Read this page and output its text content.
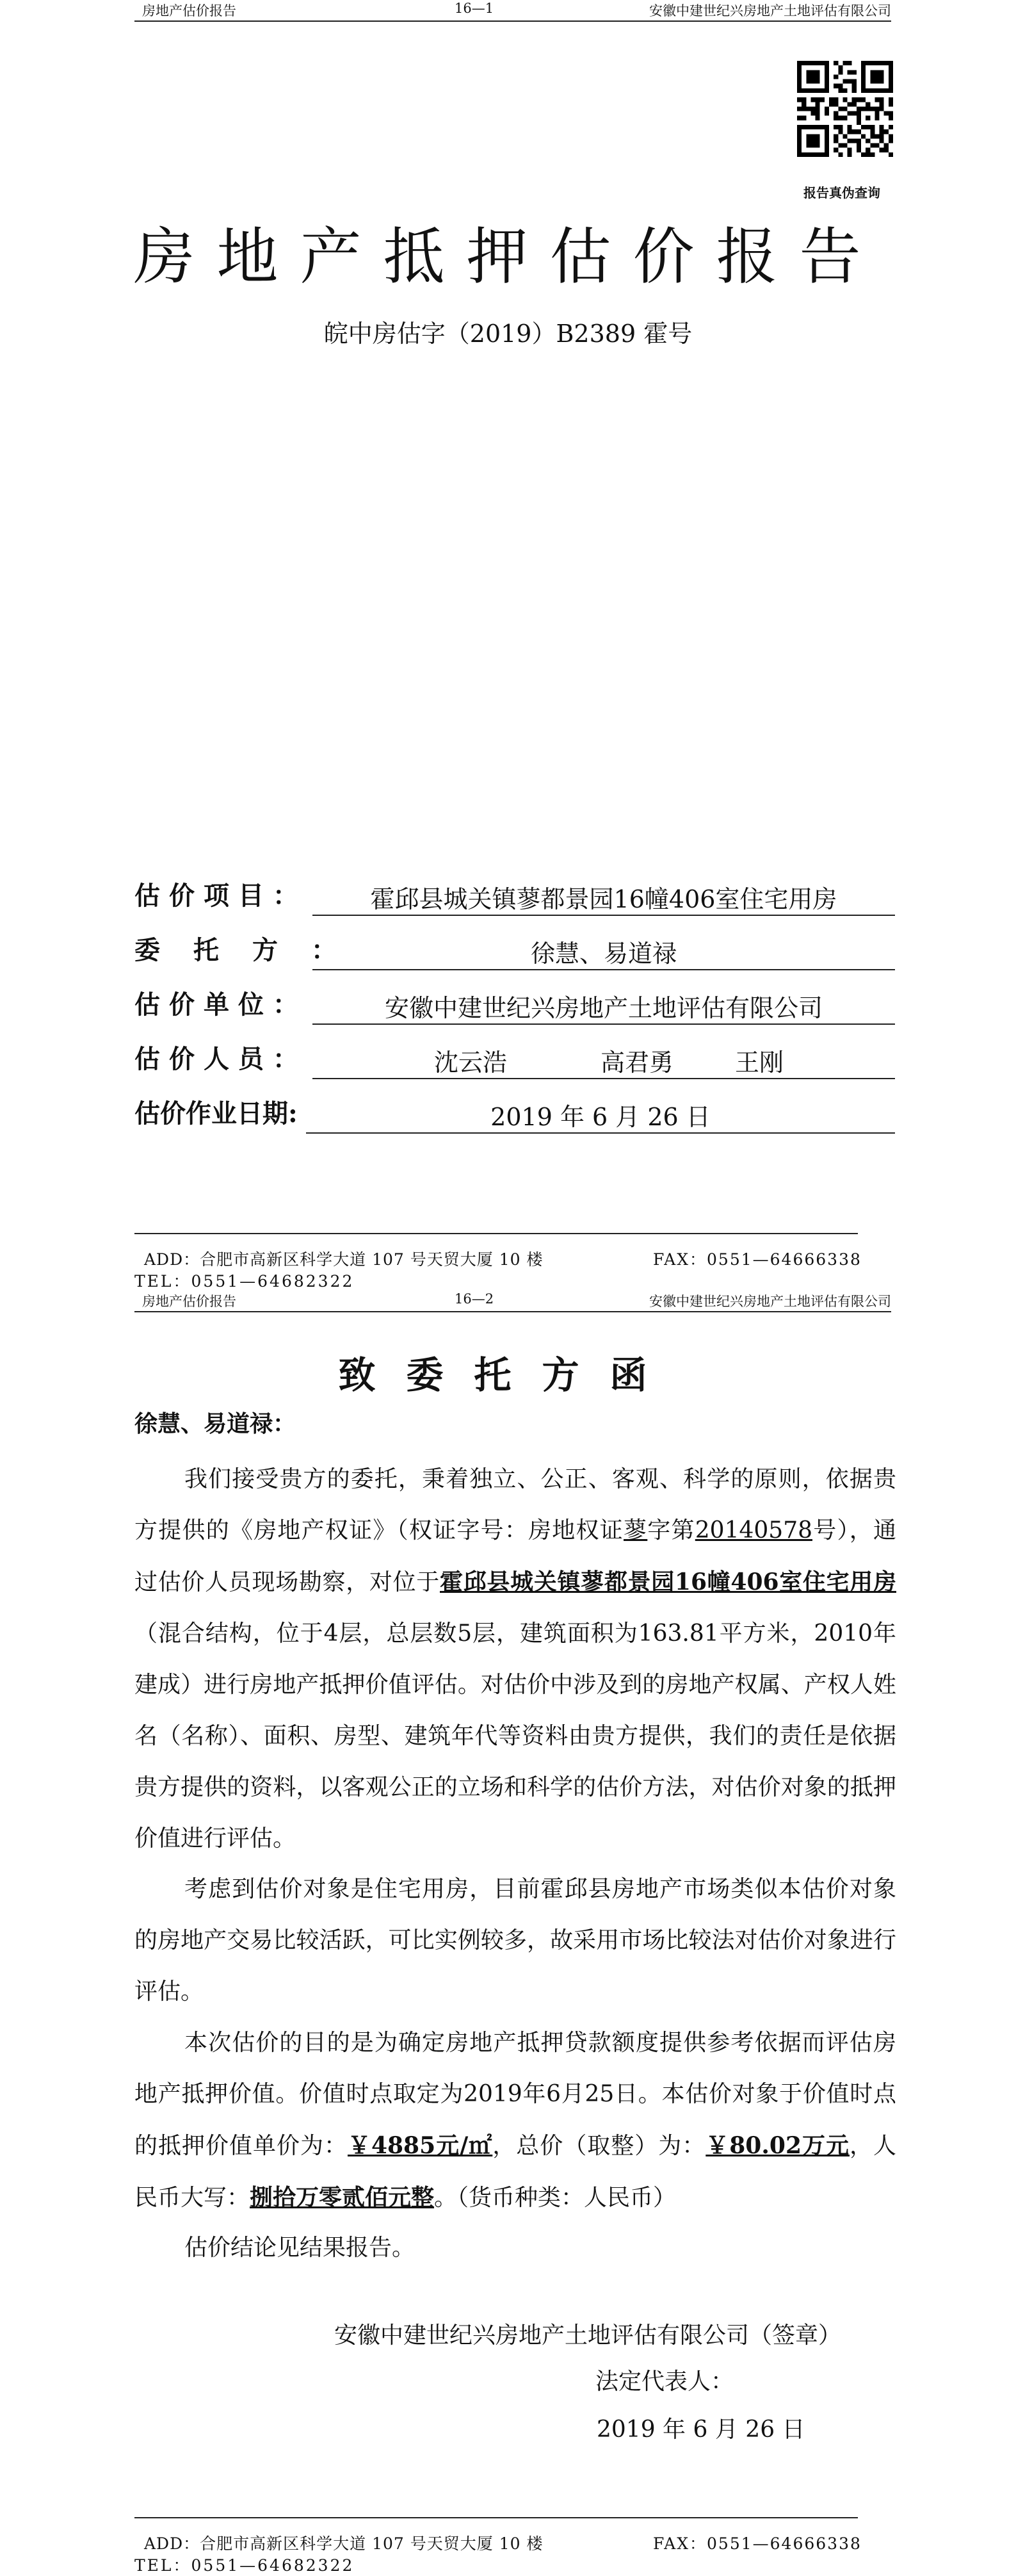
房地产估价报告	16—1	安徽中建世纪兴房地产土地评估有限公司
报告真伪查询
房地产抵押估价报告
皖中房估字（2019）B2389 霍号
估价项目：	霍邱县城关镇蓼都景园16幢406室住宅用房
委托方：	徐慧、易道禄
估价单位：	安徽中建世纪兴房地产土地评估有限公司
估价人员：	沈云浩	高君勇	王刚
估价作业日期:	2019 年 6 月 26 日
ADD：合肥市高新区科学大道 107 号天贸大厦 10 楼	FAX：0551—64666338
TEL：0551—64682322
房地产估价报告	16—2	安徽中建世纪兴房地产土地评估有限公司
致委托方函
徐慧、易道禄：

我们接受贵方的委托，秉着独立、公正、客观、科学的原则，依据贵方提供的《房地产权证》（权证字号：房地权证蓼字第20140578号），通过估价人员现场勘察，对位于霍邱县城关镇蓼都景园16幢406室住宅用房（混合结构，位于4层，总层数5层，建筑面积为163.81平方米，2010年建成）进行房地产抵押价值评估。对估价中涉及到的房地产权属、产权人姓名（名称）、面积、房型、建筑年代等资料由贵方提供，我们的责任是依据贵方提供的资料，以客观公正的立场和科学的估价方法，对估价对象的抵押价值进行评估。

考虑到估价对象是住宅用房，目前霍邱县房地产市场类似本估价对象的房地产交易比较活跃，可比实例较多，故采用市场比较法对估价对象进行评估。

本次估价的目的是为确定房地产抵押贷款额度提供参考依据而评估房地产抵押价值。价值时点取定为2019年6月25日。本估价对象于价值时点的抵押价值单价为：￥4885元/㎡，总价（取整）为：￥80.02万元，人民币大写：捌拾万零贰佰元整。（货币种类：人民币）

估价结论见结果报告。

安徽中建世纪兴房地产土地评估有限公司（签章）
法定代表人：
2019 年 6 月 26 日
ADD：合肥市高新区科学大道 107 号天贸大厦 10 楼	FAX：0551—64666338
TEL：0551—64682322
